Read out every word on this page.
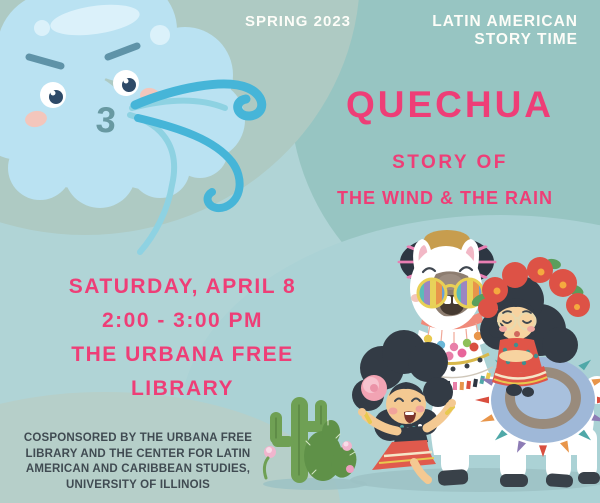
3
SPRING 2023	LATIN AMERICAN
STORY TIME
QUECHUA
STORY OF
THE WIND & THE RAIN
SATURDAY, APRIL 8
2:00 - 3:00 PM
THE URBANA FREE
LIBRARY
COSPONSORED BY THE URBANA FREE
LIBRARY AND THE CENTER FOR LATIN
AMERICAN AND CARIBBEAN STUDIES,
UNIVERSITY OF ILLINOIS
